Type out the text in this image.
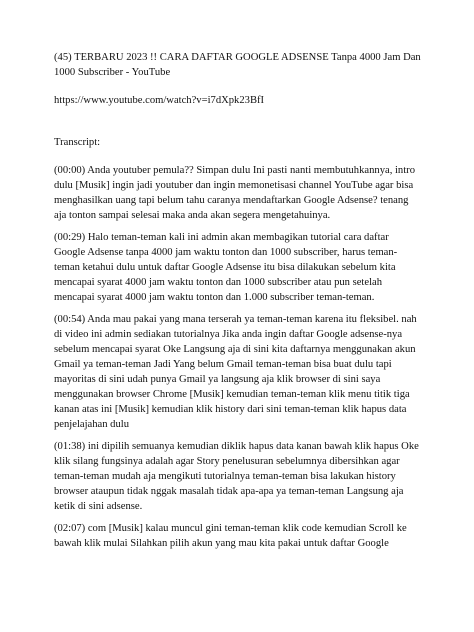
(45) TERBARU 2023 !! CARA DAFTAR GOOGLE ADSENSE Tanpa 4000 Jam Dan 1000 Subscriber - YouTube

https://www.youtube.com/watch?v=i7dXpk23BfI

Transcript:

(00:00) Anda youtuber pemula?? Simpan dulu Ini pasti nanti membutuhkannya, intro dulu [Musik] ingin jadi youtuber dan ingin memonetisasi channel YouTube agar bisa menghasilkan uang tapi belum tahu caranya mendaftarkan Google Adsense? tenang aja tonton sampai selesai maka anda akan segera mengetahuinya.

(00:29) Halo teman-teman kali ini admin akan membagikan tutorial cara daftar Google Adsense tanpa 4000 jam waktu tonton dan 1000 subscriber, harus teman-teman ketahui dulu untuk daftar Google Adsense itu bisa dilakukan sebelum kita mencapai syarat 4000 jam waktu tonton dan 1000 subscriber atau pun setelah mencapai syarat 4000 jam waktu tonton dan 1.000 subscriber teman-teman.

(00:54) Anda mau pakai yang mana terserah ya teman-teman karena itu fleksibel. nah di video ini admin sediakan tutorialnya Jika anda ingin daftar Google adsense-nya sebelum mencapai syarat Oke Langsung aja di sini kita daftarnya menggunakan akun Gmail ya teman-teman Jadi Yang belum Gmail teman-teman bisa buat dulu tapi mayoritas di sini udah punya Gmail ya langsung aja klik browser di sini saya menggunakan browser Chrome [Musik] kemudian teman-teman klik menu titik tiga kanan atas ini [Musik] kemudian klik history dari sini teman-teman klik hapus data penjelajahan dulu

(01:38) ini dipilih semuanya kemudian diklik hapus data kanan bawah klik hapus Oke klik silang fungsinya adalah agar Story penelusuran sebelumnya dibersihkan agar teman-teman mudah aja mengikuti tutorialnya teman-teman bisa lakukan history browser ataupun tidak nggak masalah tidak apa-apa ya teman-teman Langsung aja ketik di sini adsense.

(02:07) com [Musik] kalau muncul gini teman-teman klik code kemudian Scroll ke bawah klik mulai Silahkan pilih akun yang mau kita pakai untuk daftar Google
